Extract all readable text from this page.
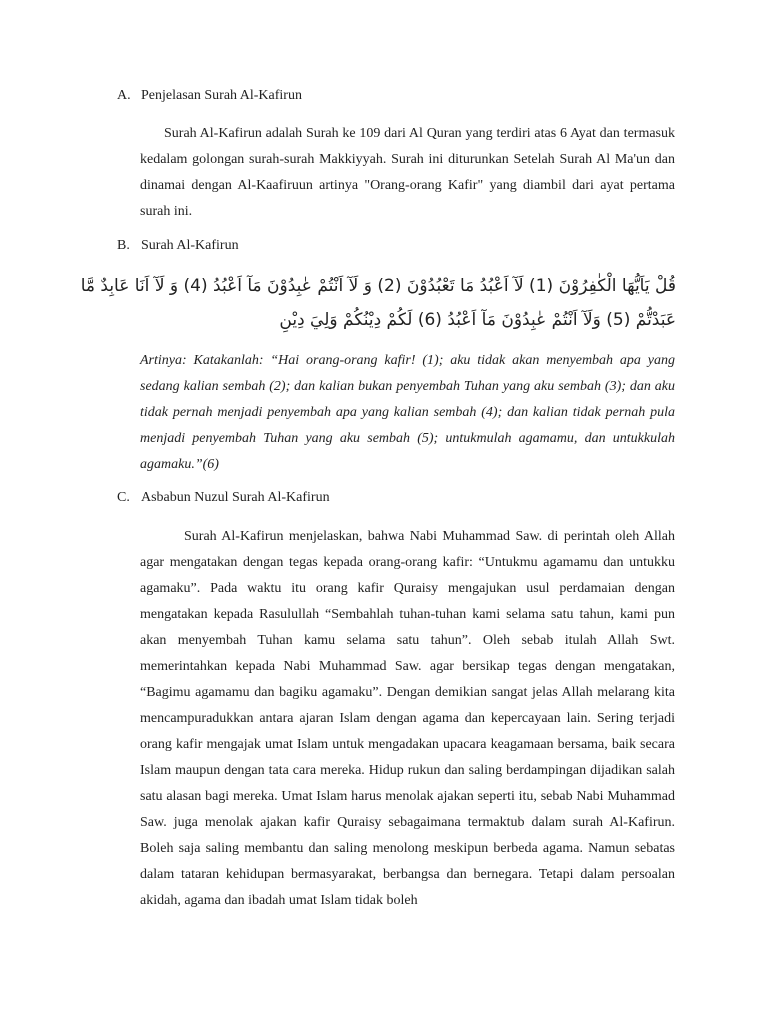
A. Penjelasan Surah Al-Kafirun
Surah Al-Kafirun adalah Surah ke 109 dari Al Quran yang terdiri atas 6 Ayat dan termasuk kedalam golongan surah-surah Makkiyyah. Surah ini diturunkan Setelah Surah Al Ma'un dan dinamai dengan Al-Kaafiruun artinya "Orang-orang Kafir" yang diambil dari ayat pertama surah ini.
B. Surah Al-Kafirun
قُلْ يَاَيُّهَا الْكٰفِرُوْنَ (1) لَآ اَعْبُدُ مَا تَعْبُدُوْنَ (2) وَ لَآ اَنْتُمْ عٰبِدُوْنَ مَآ اَعْبُدُ (4) وَ لَآ اَنَا عَابِدٌ مَّا
عَبَدْتُّمْ (5) وَلَآ اَنْتُمْ عٰبِدُوْنَ مَآ اَعْبُدُ (6) لَكُمْ دِيْنُكُمْ وَلِيَ دِيْنِ
Artinya: Katakanlah: “Hai orang-orang kafir! (1); aku tidak akan menyembah apa yang sedang kalian sembah (2); dan kalian bukan penyembah Tuhan yang aku sembah (3); dan aku tidak pernah menjadi penyembah apa yang kalian sembah (4); dan kalian tidak pernah pula menjadi penyembah Tuhan yang aku sembah (5); untukmulah agamamu, dan untukkulah agamaku.”(6)
C. Asbabun Nuzul Surah Al-Kafirun
Surah Al-Kafirun menjelaskan, bahwa Nabi Muhammad Saw. di perintah oleh Allah agar mengatakan dengan tegas kepada orang-orang kafir: “Untukmu agamamu dan untukku agamaku”. Pada waktu itu orang kafir Quraisy mengajukan usul perdamaian dengan mengatakan kepada Rasulullah “Sembahlah tuhan-tuhan kami selama satu tahun, kami pun akan menyembah Tuhan kamu selama satu tahun”. Oleh sebab itulah Allah Swt. memerintahkan kepada Nabi Muhammad Saw. agar bersikap tegas dengan mengatakan, “Bagimu agamamu dan bagiku agamaku”. Dengan demikian sangat jelas Allah melarang kita mencampuradukkan antara ajaran Islam dengan agama dan kepercayaan lain. Sering terjadi orang kafir mengajak umat Islam untuk mengadakan upacara keagamaan bersama, baik secara Islam maupun dengan tata cara mereka. Hidup rukun dan saling berdampingan dijadikan salah satu alasan bagi mereka. Umat Islam harus menolak ajakan seperti itu, sebab Nabi Muhammad Saw. juga menolak ajakan kafir Quraisy sebagaimana termaktub dalam surah Al-Kafirun. Boleh saja saling membantu dan saling menolong meskipun berbeda agama. Namun sebatas dalam tataran kehidupan bermasyarakat, berbangsa dan bernegara. Tetapi dalam persoalan akidah, agama dan ibadah umat Islam tidak boleh
